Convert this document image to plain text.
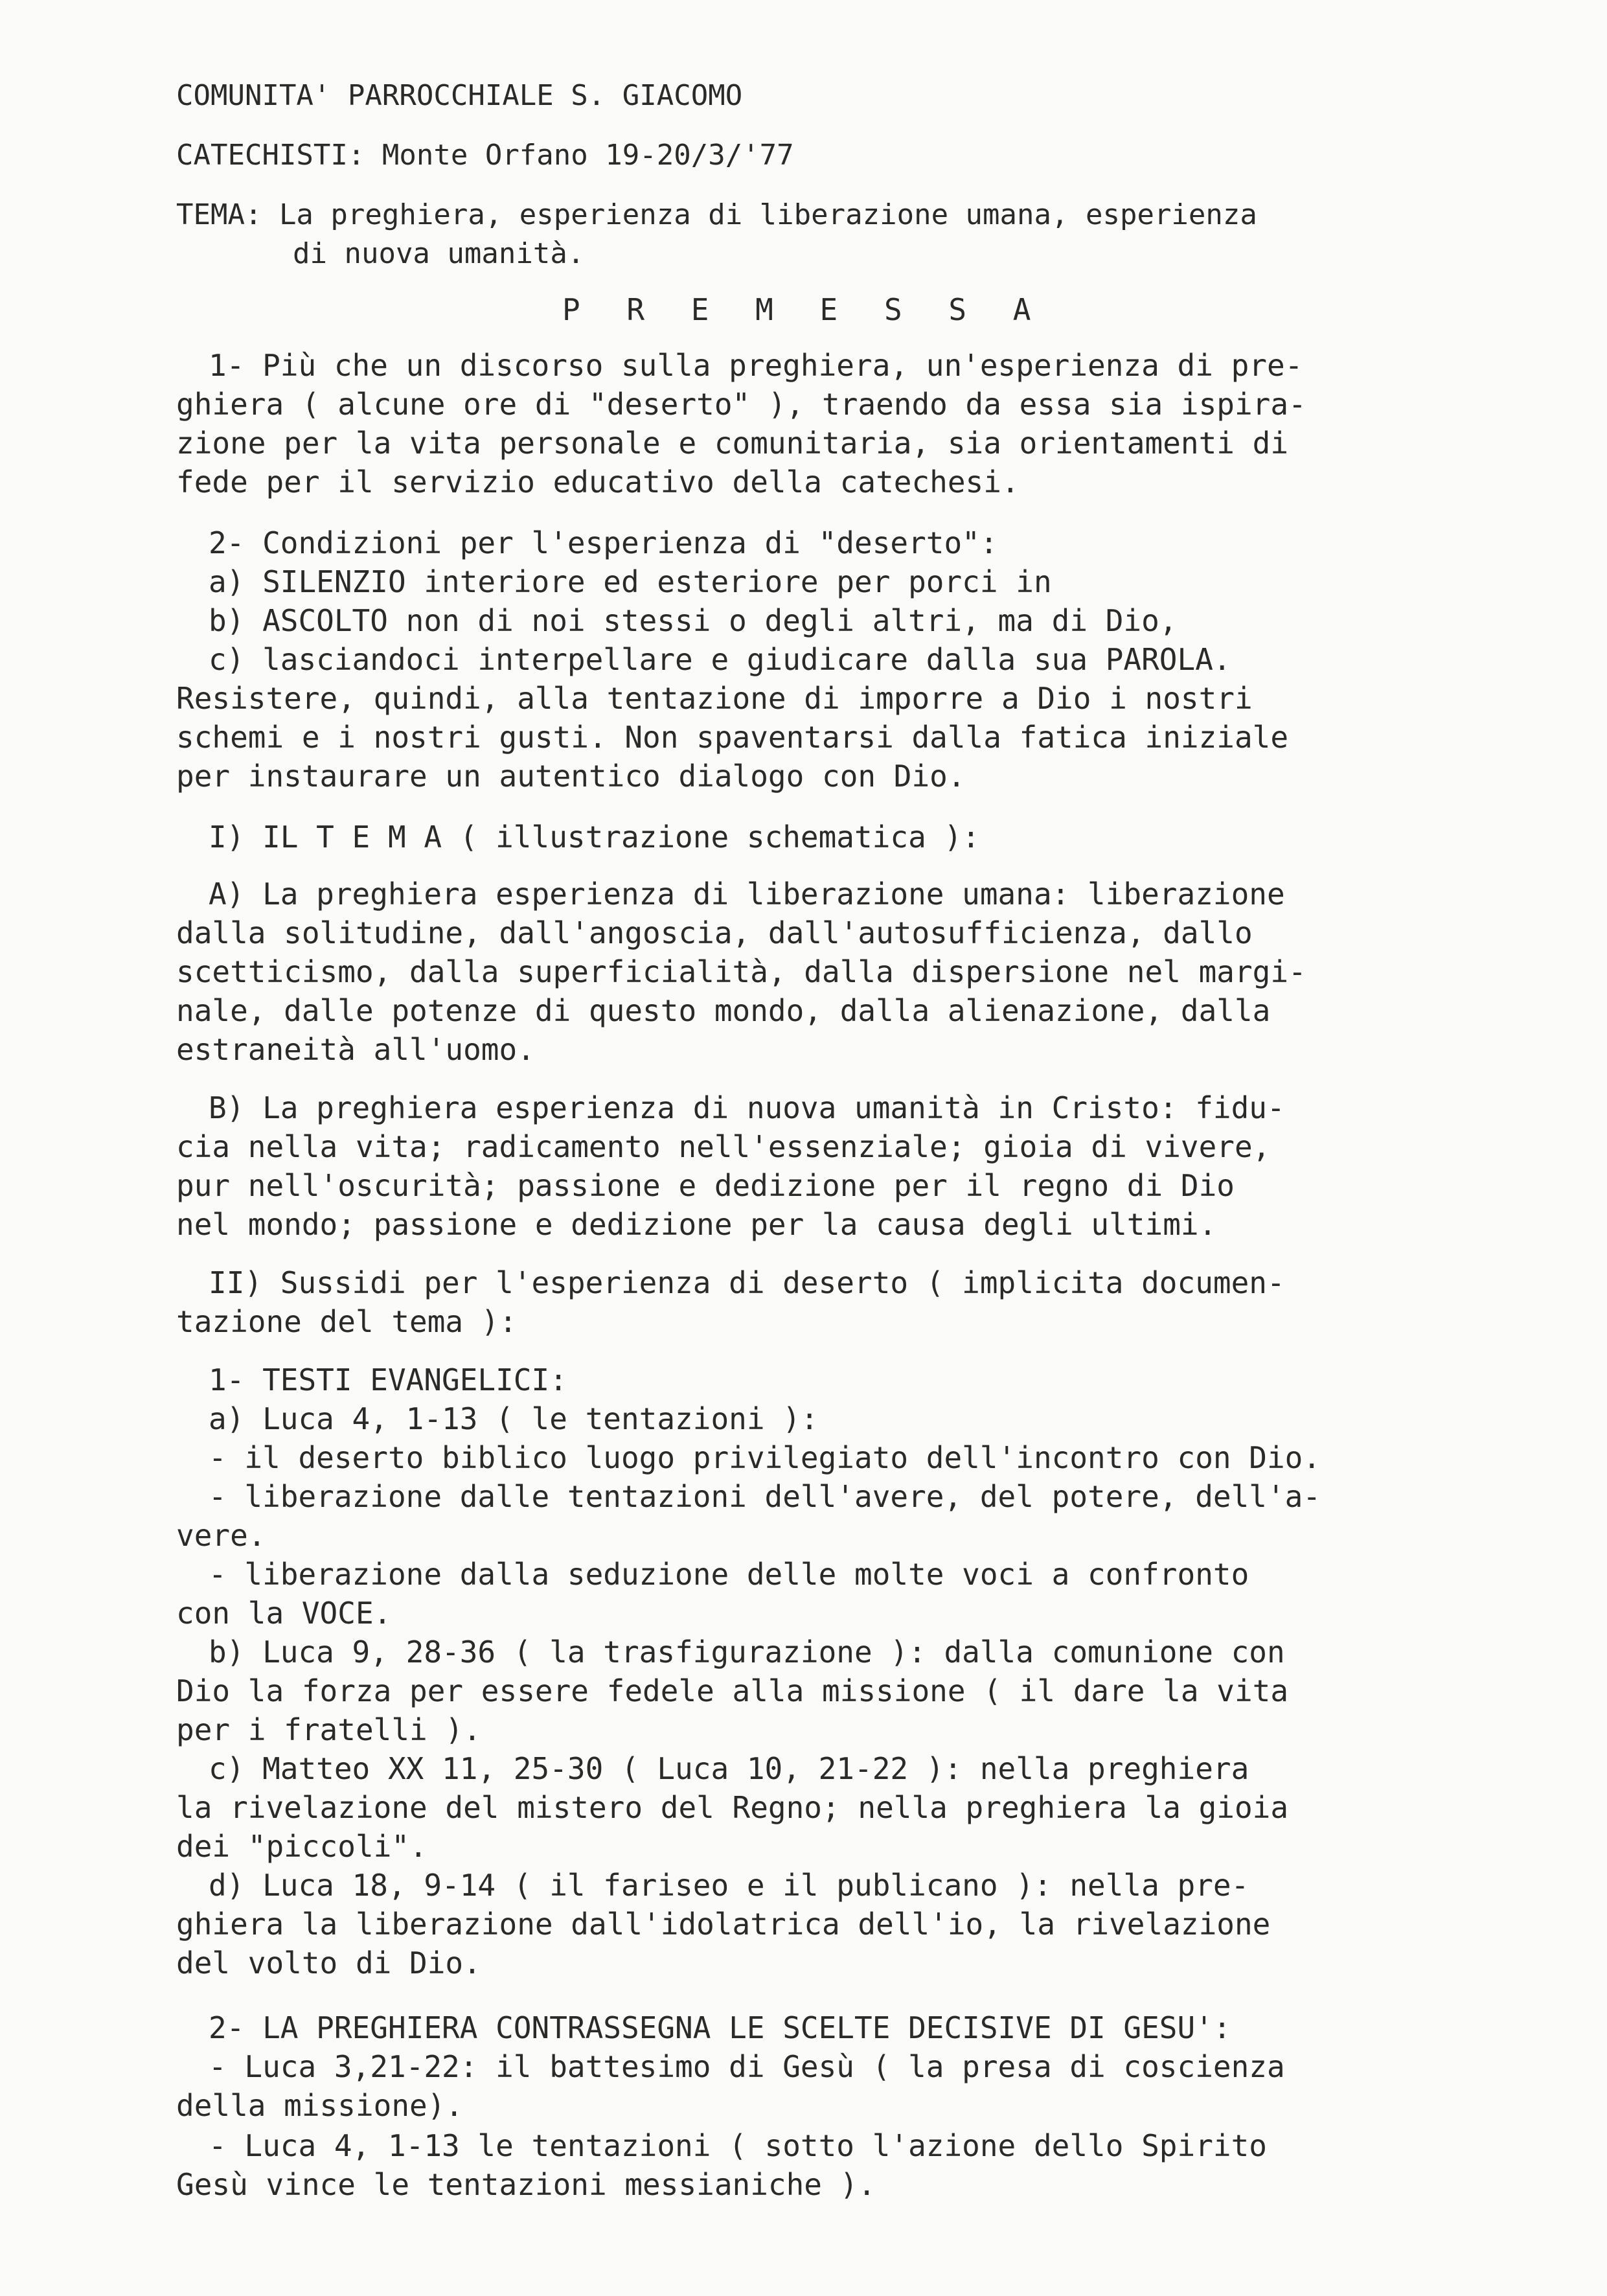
COMUNITA' PARROCCHIALE S. GIACOMO

CATECHISTI: Monte Orfano 19-20/3/'77

TEMA: La preghiera, esperienza di liberazione umana, esperienza

di nuova umanità.

P R E M E S S A

1- Più che un discorso sulla preghiera, un'esperienza di pre-

ghiera ( alcune ore di "deserto" ), traendo da essa sia ispira-

zione per la vita personale e comunitaria, sia orientamenti di

fede per il servizio educativo della catechesi.

2- Condizioni per l'esperienza di "deserto":

a) SILENZIO interiore ed esteriore per porci in

b) ASCOLTO non di noi stessi o degli altri, ma di Dio,

c) lasciandoci interpellare e giudicare dalla sua PAROLA.

Resistere, quindi, alla tentazione di imporre a Dio i nostri

schemi e i nostri gusti. Non spaventarsi dalla fatica iniziale

per instaurare un autentico dialogo con Dio.

I) IL T E M A ( illustrazione schematica ):

A) La preghiera esperienza di liberazione umana: liberazione

dalla solitudine, dall'angoscia, dall'autosufficienza, dallo

scetticismo, dalla superficialità, dalla dispersione nel margi-

nale, dalle potenze di questo mondo, dalla alienazione, dalla

estraneità all'uomo.

B) La preghiera esperienza di nuova umanità in Cristo: fidu-

cia nella vita; radicamento nell'essenziale; gioia di vivere,

pur nell'oscurità; passione e dedizione per il regno di Dio

nel mondo; passione e dedizione per la causa degli ultimi.

II) Sussidi per l'esperienza di deserto ( implicita documen-

tazione del tema ):

1- TESTI EVANGELICI:

a) Luca 4, 1-13 ( le tentazioni ):

- il deserto biblico luogo privilegiato dell'incontro con Dio.

- liberazione dalle tentazioni dell'avere, del potere, dell'a-

vere.

- liberazione dalla seduzione delle molte voci a confronto

con la VOCE.

b) Luca 9, 28-36 ( la trasfigurazione ): dalla comunione con

Dio la forza per essere fedele alla missione ( il dare la vita

per i fratelli ).

c) Matteo XX 11, 25-30 ( Luca 10, 21-22 ): nella preghiera

la rivelazione del mistero del Regno; nella preghiera la gioia

dei "piccoli".

d) Luca 18, 9-14 ( il fariseo e il publicano ): nella pre-

ghiera la liberazione dall'idolatrica dell'io, la rivelazione

del volto di Dio.

2- LA PREGHIERA CONTRASSEGNA LE SCELTE DECISIVE DI GESU':

- Luca 3,21-22: il battesimo di Gesù ( la presa di coscienza

della missione).

- Luca 4, 1-13 le tentazioni ( sotto l'azione dello Spirito

Gesù vince le tentazioni messianiche ).
